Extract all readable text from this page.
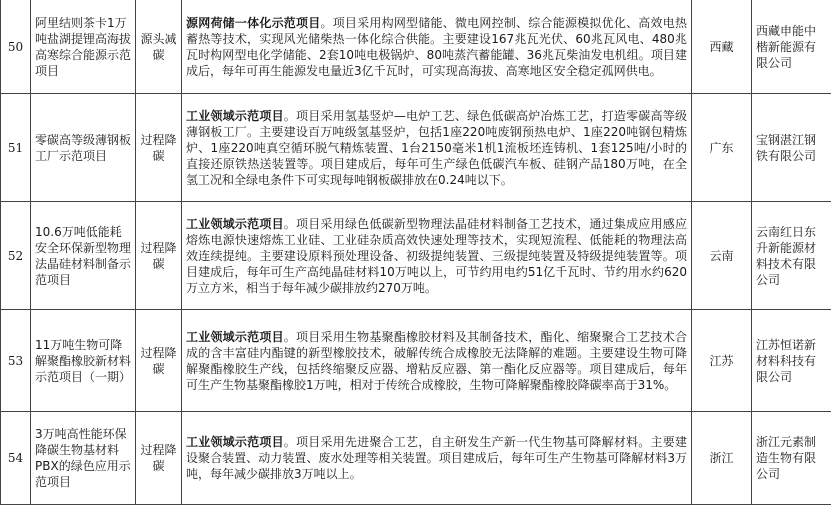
50	阿里结则茶卡1万吨盐湖提锂高海拔高寒综合能源示范项目	源头减碳	源网荷储一体化示范项目。项目采用构网型储能、微电网控制、综合能源模拟优化、高效电热蓄热等技术，实现风光储柴热一体化综合供能。主要建设167兆瓦光伏、60兆瓦风电、480兆瓦时构网型电化学储能、2套10吨电极锅炉、80吨蒸汽蓄能罐、36兆瓦柴油发电机组。项目建成后，每年可再生能源发电量近3亿千瓦时，可实现高海拔、高寒地区安全稳定孤网供电。	西藏	西藏申能中楷新能源有限公司
51	零碳高等级薄钢板工厂示范项目	过程降碳	工业领域示范项目。项目采用氢基竖炉—电炉工艺、绿色低碳高炉冶炼工艺，打造零碳高等级薄钢板工厂。主要建设百万吨级氢基竖炉，包括1座220吨废钢预热电炉、1座220吨钢包精炼炉、1座220吨真空循环脱气精炼装置、1台2150毫米1机1流板坯连铸机、1套125吨/小时的直接还原铁热送装置等。项目建成后，每年可生产绿色低碳汽车板、硅钢产品180万吨，在全氢工况和全绿电条件下可实现每吨钢板碳排放在0.24吨以下。	广东	宝钢湛江钢铁有限公司
52	10.6万吨低能耗安全环保新型物理法晶硅材料制备示范项目	过程降碳	工业领域示范项目。项目采用绿色低碳新型物理法晶硅材料制备工艺技术，通过集成应用感应熔炼电源快速熔炼工业硅、工业硅杂质高效快速处理等技术，实现短流程、低能耗的物理法高效连续提纯。主要建设原料预处理设备、初级提纯装置、三级提纯装置及特级提纯装置等。项目建成后，每年可生产高纯晶硅材料10万吨以上，可节约用电约51亿千瓦时、节约用水约620万立方米，相当于每年减少碳排放约270万吨。	云南	云南红日东升新能源材料技术有限公司
53	11万吨生物可降解聚酯橡胶新材料示范项目（一期）	过程降碳	工业领域示范项目。项目采用生物基聚酯橡胶材料及其制备技术，酯化、缩聚聚合工艺技术合成的含丰富硅内酯键的新型橡胶技术，破解传统合成橡胶无法降解的难题。主要建设生物可降解聚酯橡胶生产线，包括终缩聚反应器、增粘反应器、第一酯化反应器等。项目建成后，每年可生产生物基聚酯橡胶1万吨，相对于传统合成橡胶，生物可降解聚酯橡胶降碳率高于31%。	江苏	江苏恒诺新材料科技有限公司
54	3万吨高性能环保降碳生物基材料PBX的绿色应用示范项目	过程降碳	工业领域示范项目。项目采用先进聚合工艺，自主研发生产新一代生物基可降解材料。主要建设聚合装置、动力装置、废水处理等相关装置。项目建成后，每年可生产生物基可降解材料3万吨，每年减少碳排放3万吨以上。	浙江	浙江元素制造生物有限公司
